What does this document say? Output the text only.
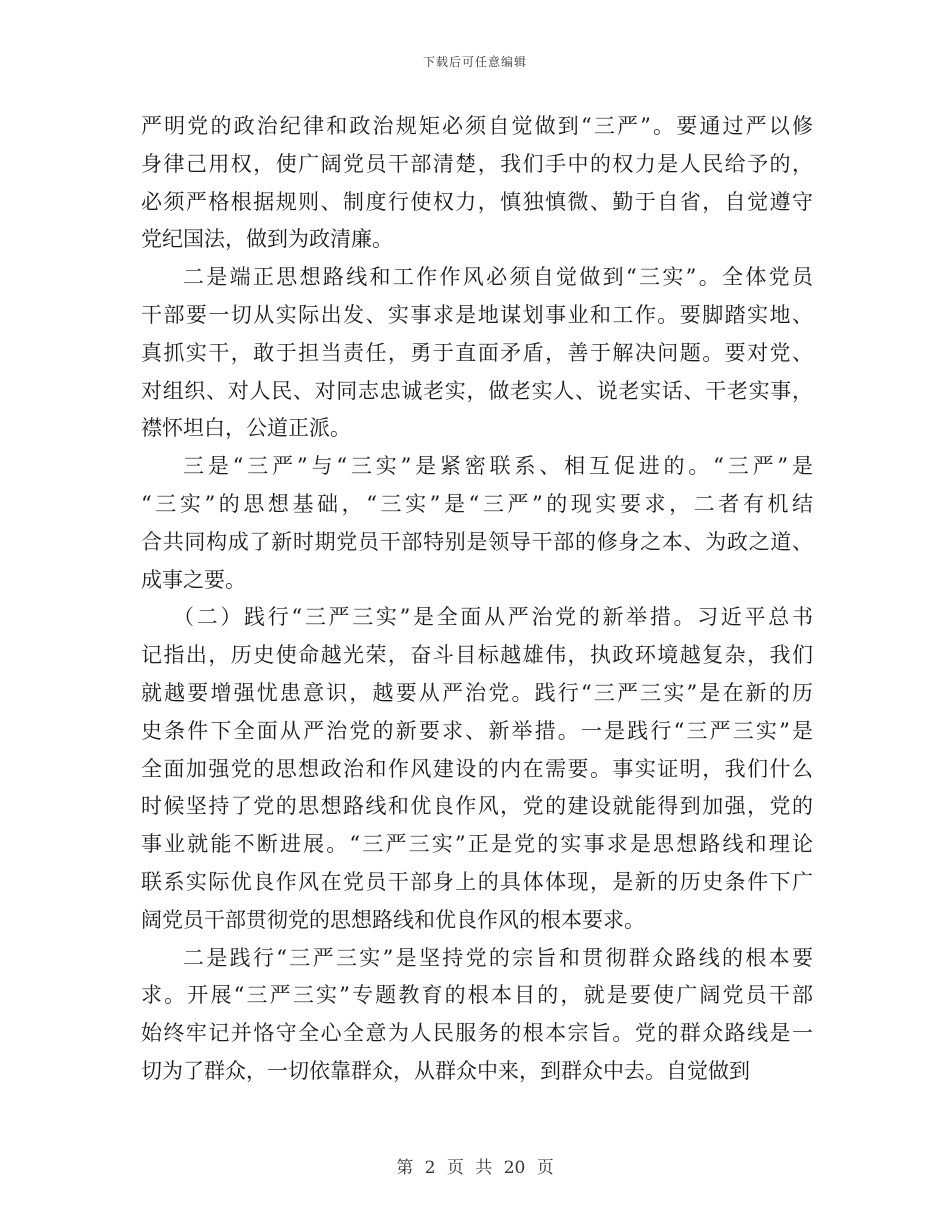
下载后可任意编辑
严明党的政治纪律和政治规矩必须自觉做到“三严”。要通过严以修
身律己用权，使广阔党员干部清楚，我们手中的权力是人民给予的，
必须严格根据规则、制度行使权力，慎独慎微、勤于自省，自觉遵守
党纪国法，做到为政清廉。
二是端正思想路线和工作作风必须自觉做到“三实”。全体党员
干部要一切从实际出发、实事求是地谋划事业和工作。要脚踏实地、
真抓实干，敢于担当责任，勇于直面矛盾，善于解决问题。要对党、
对组织、对人民、对同志忠诚老实，做老实人、说老实话、干老实事，
襟怀坦白，公道正派。
三是“三严”与“三实”是紧密联系、相互促进的。“三严”是
“三实”的思想基础，“三实”是“三严”的现实要求，二者有机结
合共同构成了新时期党员干部特别是领导干部的修身之本、为政之道、
成事之要。
（二）践行“三严三实”是全面从严治党的新举措。习近平总书
记指出，历史使命越光荣，奋斗目标越雄伟，执政环境越复杂，我们
就越要增强忧患意识，越要从严治党。践行“三严三实”是在新的历
史条件下全面从严治党的新要求、新举措。一是践行“三严三实”是
全面加强党的思想政治和作风建设的内在需要。事实证明，我们什么
时候坚持了党的思想路线和优良作风，党的建设就能得到加强，党的
事业就能不断进展。“三严三实”正是党的实事求是思想路线和理论
联系实际优良作风在党员干部身上的具体体现，是新的历史条件下广
阔党员干部贯彻党的思想路线和优良作风的根本要求。
二是践行“三严三实”是坚持党的宗旨和贯彻群众路线的根本要
求。开展“三严三实”专题教育的根本目的，就是要使广阔党员干部
始终牢记并恪守全心全意为人民服务的根本宗旨。党的群众路线是一
切为了群众，一切依靠群众，从群众中来，到群众中去。自觉做到
第 2 页 共 20 页
